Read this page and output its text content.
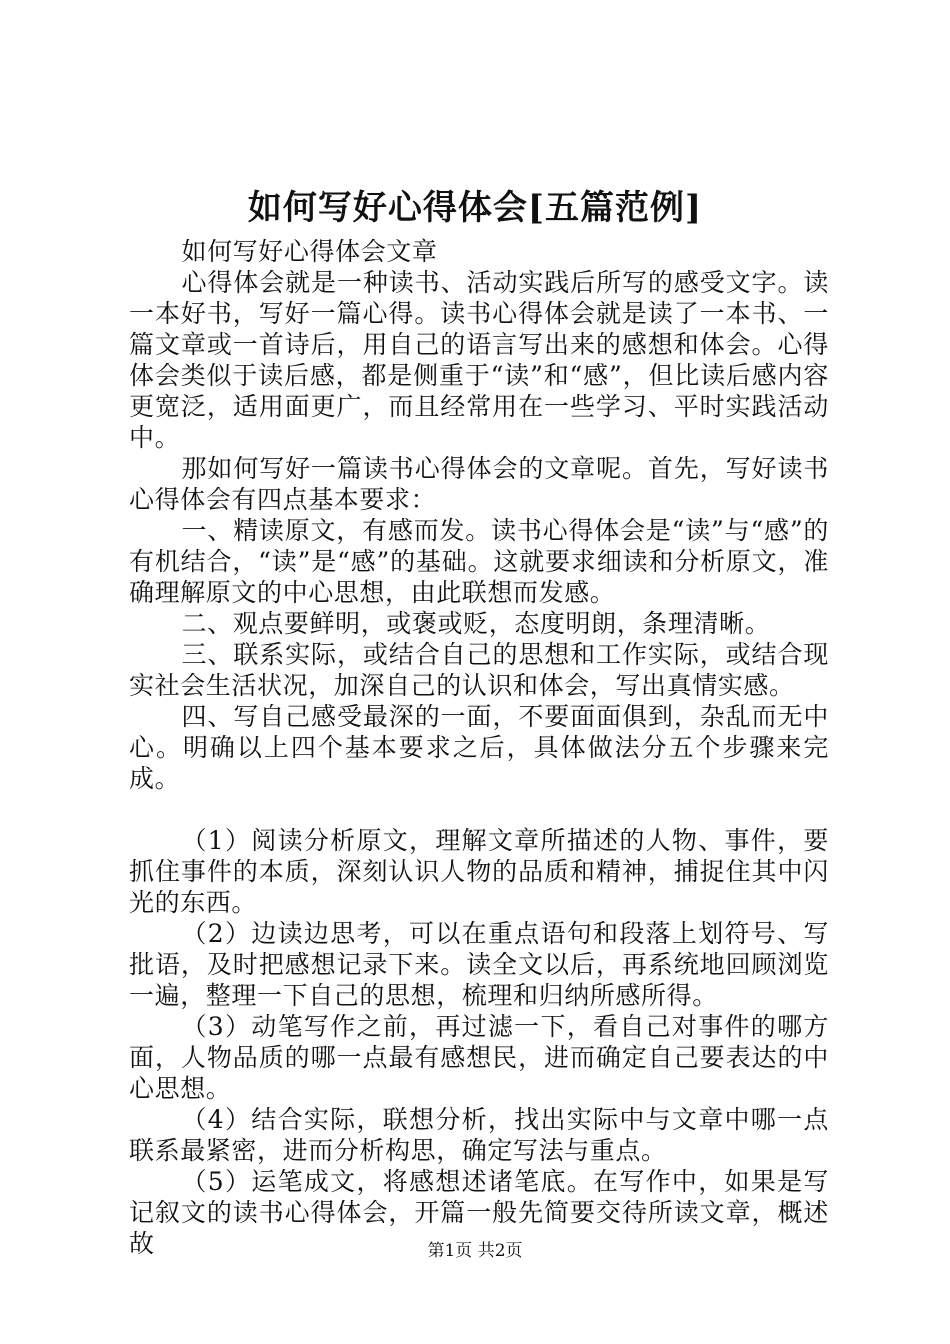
如何写好心得体会[五篇范例]

如何写好心得体会文章

心得体会就是一种读书、活动实践后所写的感受文字。读一本好书，写好一篇心得。读书心得体会就是读了一本书、一篇文章或一首诗后，用自己的语言写出来的感想和体会。心得体会类似于读后感，都是侧重于“读”和“感”，但比读后感内容更宽泛，适用面更广，而且经常用在一些学习、平时实践活动中。

那如何写好一篇读书心得体会的文章呢。首先，写好读书心得体会有四点基本要求：

一、精读原文，有感而发。读书心得体会是“读”与“感”的有机结合，“读”是“感”的基础。这就要求细读和分析原文，准确理解原文的中心思想，由此联想而发感。

二、观点要鲜明，或褒或贬，态度明朗，条理清晰。

三、联系实际，或结合自己的思想和工作实际，或结合现实社会生活状况，加深自己的认识和体会，写出真情实感。

四、写自己感受最深的一面，不要面面俱到，杂乱而无中心。明确以上四个基本要求之后，具体做法分五个步骤来完成。

（1）阅读分析原文，理解文章所描述的人物、事件，要抓住事件的本质，深刻认识人物的品质和精神，捕捉住其中闪光的东西。

（2）边读边思考，可以在重点语句和段落上划符号、写批语，及时把感想记录下来。读全文以后，再系统地回顾浏览一遍，整理一下自己的思想，梳理和归纳所感所得。

（3）动笔写作之前，再过滤一下，看自己对事件的哪方面，人物品质的哪一点最有感想民，进而确定自己要表达的中心思想。

（4）结合实际，联想分析，找出实际中与文章中哪一点联系最紧密，进而分析构思，确定写法与重点。

（5）运笔成文，将感想述诸笔底。在写作中，如果是写记叙文的读书心得体会，开篇一般先简要交待所读文章，概述故	第1页 共2页
